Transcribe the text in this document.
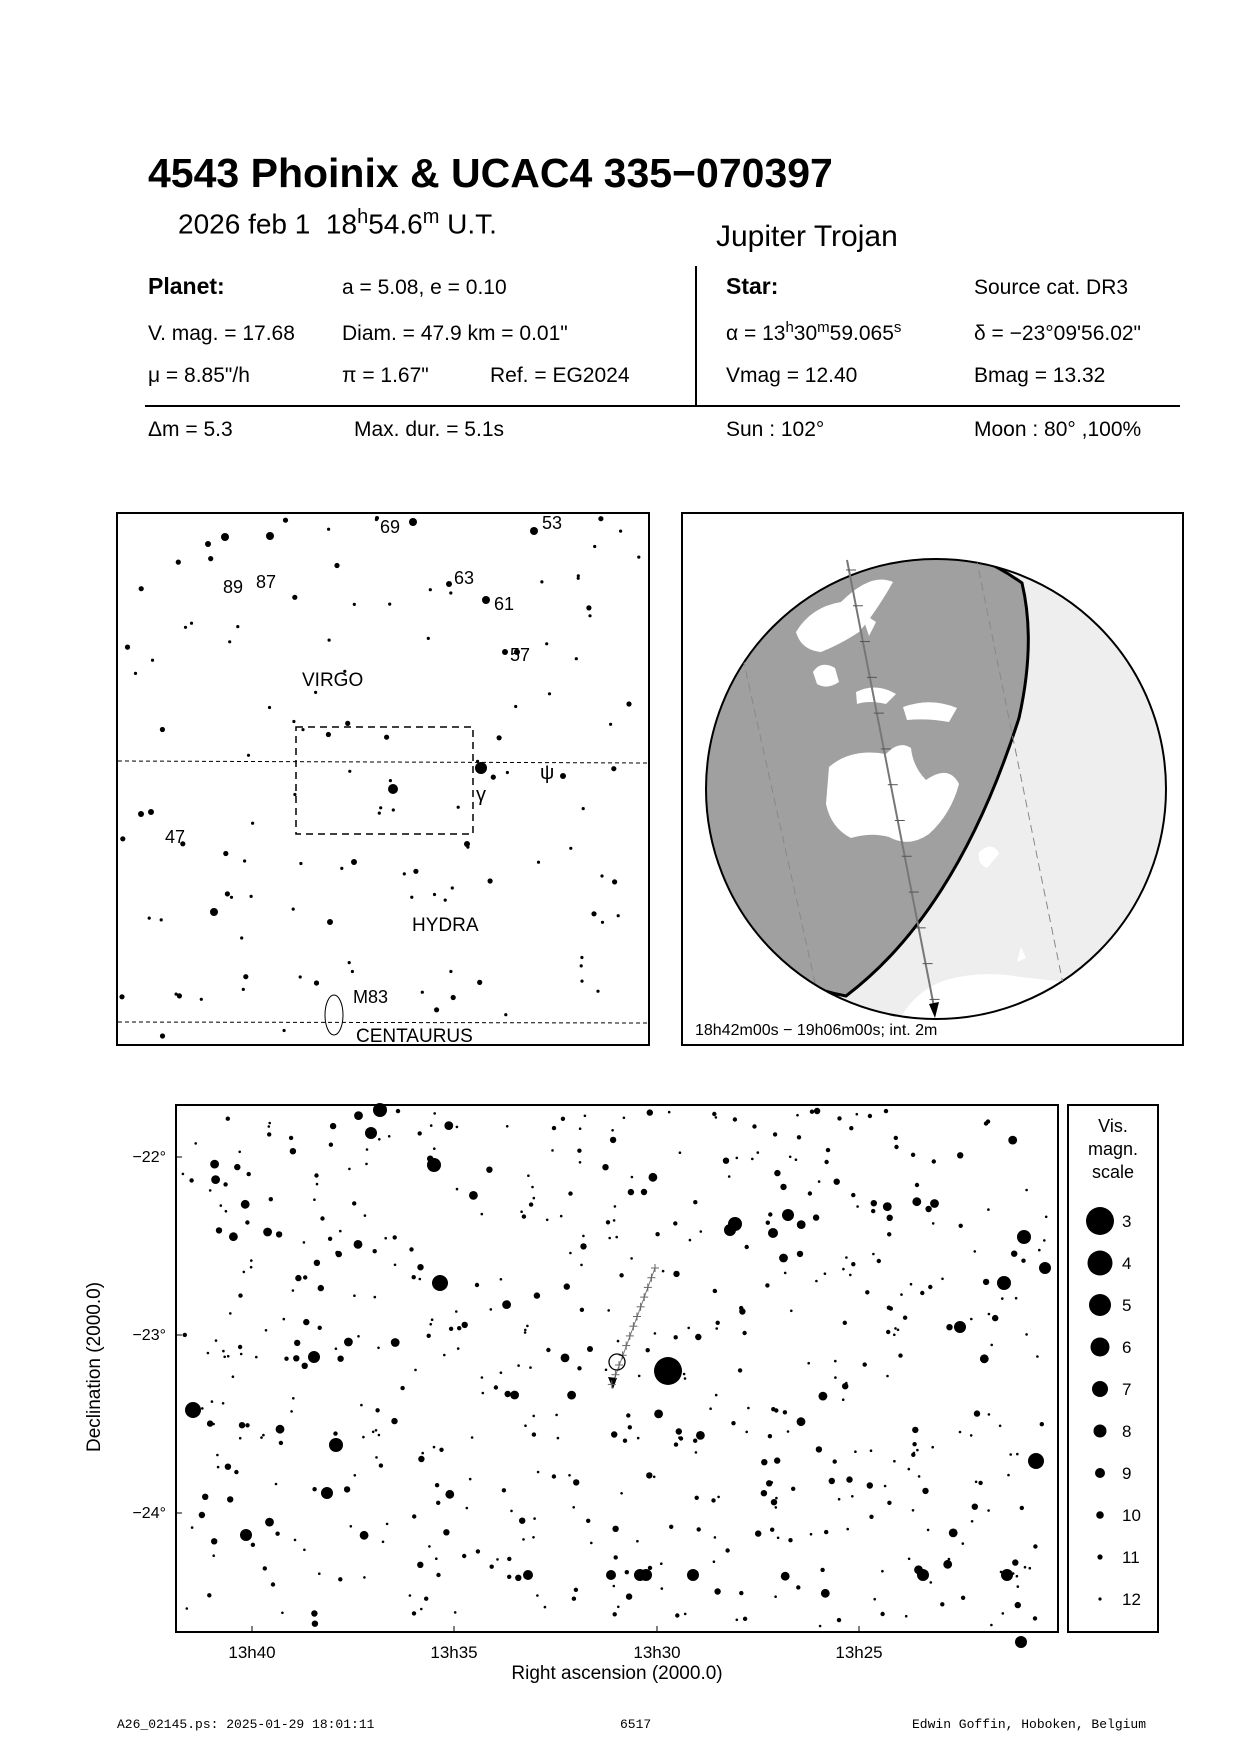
4543 Phoinix & UCAC4 335−070397
2026 feb 1 18$^h$54.6$^m$ U.T.	Jupiter Trojan
Planet:	a = 5.08, e = 0.10
V. mag. = 17.68 Diam. = 47.9 km = 0.01"
μ = 8.85"/h	π = 1.67"	Ref. = EG2024
Δm = 5.3	Max. dur. = 5.1s
Star:	Source cat. DR3
$\alpha = 13^h30^m59.065^s$	δ = −23°09'56.02"
Vmag = 12.40	Bmag = 13.32
Sun : 102°	Moon : 80° ,100%
VIRGO
HYDRA
CENTAURUS
69	53
89 87	63
61
57
47
ψ
γ
M83
18h42m00s − 19h06m00s; int. 2m
−22°
−23°
−24°
13h40	13h35	13h30	13h25
Right ascension (2000.0)
Declination (2000.0)
Vis.
magn.
scale
3
4
5
6
7
8
9
10
11
12
A26_02145.ps: 2025-01-29 18:01:11	6517	Edwin Goffin, Hoboken, Belgium
